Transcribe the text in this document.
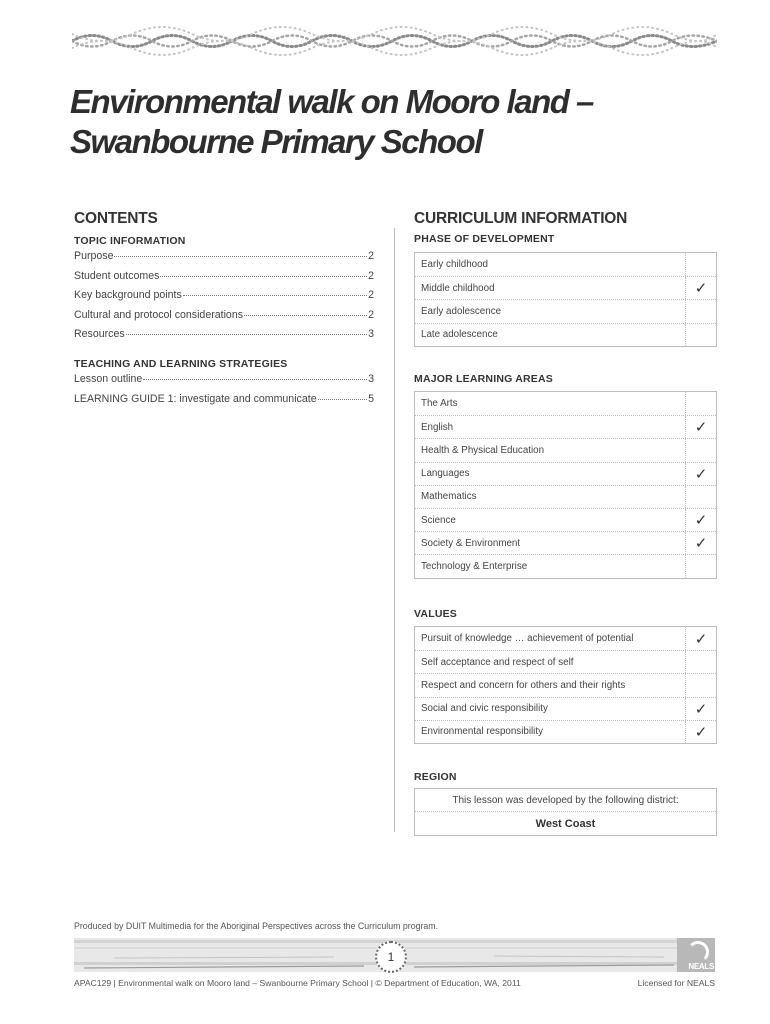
Environmental walk on Mooro land –
Swanbourne Primary School
CONTENTS
TOPIC INFORMATION
Purpose	2
Student outcomes	2
Key background points	2
Cultural and protocol considerations	2
Resources	3
TEACHING AND LEARNING STRATEGIES
Lesson outline	3
LEARNING GUIDE 1: investigate and communicate	5
CURRICULUM INFORMATION
PHASE OF DEVELOPMENT
Early childhood
Middle childhood	✓
Early adolescence
Late adolescence
MAJOR LEARNING AREAS
The Arts
English	✓
Health & Physical Education
Languages	✓
Mathematics
Science	✓
Society & Environment	✓
Technology & Enterprise
VALUES
Pursuit of knowledge … achievement of potential	✓
Self acceptance and respect of self
Respect and concern for others and their rights
Social and civic responsibility	✓
Environmental responsibility	✓
REGION
This lesson was developed by the following district:
West Coast
Produced by DUIT Multimedia for the Aboriginal Perspectives across the Curriculum program.
NEALS
1
APAC129 | Environmental walk on Mooro land – Swanbourne Primary School | © Department of Education, WA, 2011	Licensed for NEALS
